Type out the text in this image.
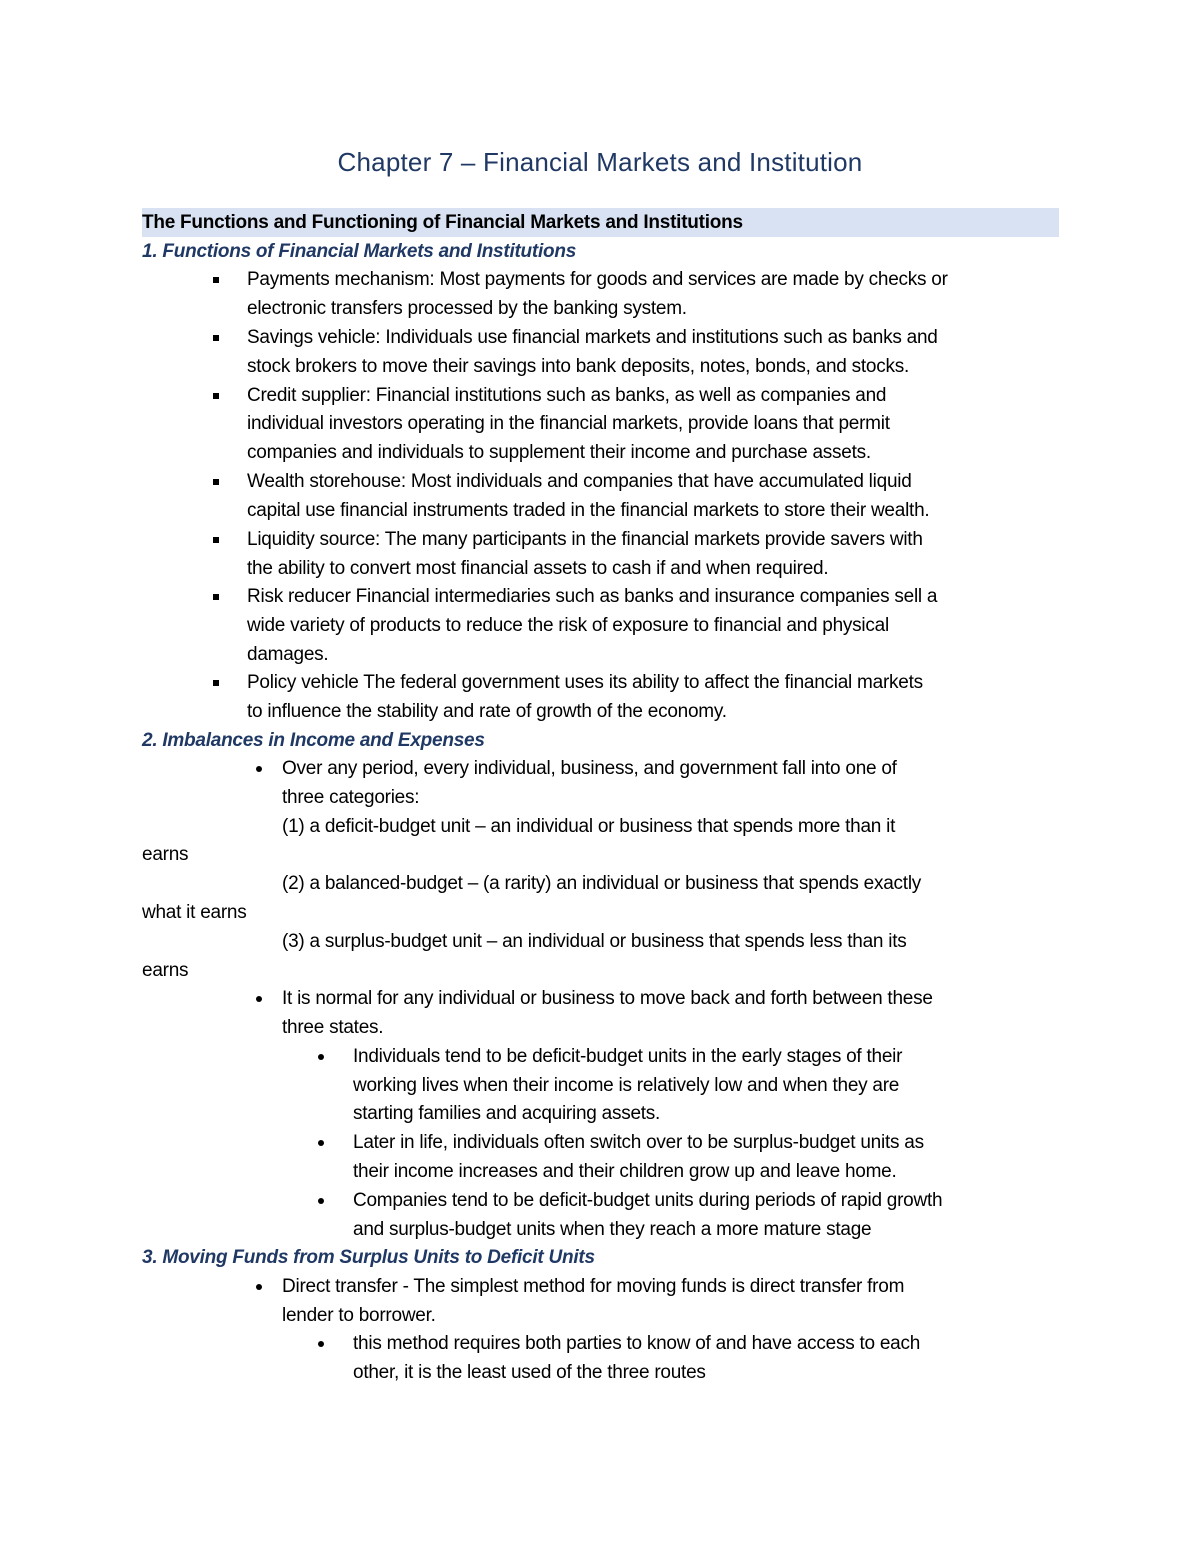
Chapter 7 – Financial Markets and Institution
The Functions and Functioning of Financial Markets and Institutions
1. Functions of Financial Markets and Institutions
Payments mechanism: Most payments for goods and services are made by checks or
electronic transfers processed by the banking system.
Savings vehicle: Individuals use financial markets and institutions such as banks and
stock brokers to move their savings into bank deposits, notes, bonds, and stocks.
Credit supplier: Financial institutions such as banks, as well as companies and
individual investors operating in the financial markets, provide loans that permit
companies and individuals to supplement their income and purchase assets.
Wealth storehouse: Most individuals and companies that have accumulated liquid
capital use financial instruments traded in the financial markets to store their wealth.
Liquidity source: The many participants in the financial markets provide savers with
the ability to convert most financial assets to cash if and when required.
Risk reducer Financial intermediaries such as banks and insurance companies sell a
wide variety of products to reduce the risk of exposure to financial and physical
damages.
Policy vehicle The federal government uses its ability to affect the financial markets
to influence the stability and rate of growth of the economy.
2. Imbalances in Income and Expenses
Over any period, every individual, business, and government fall into one of
three categories:
(1) a deficit-budget unit – an individual or business that spends more than it
earns
(2) a balanced-budget – (a rarity) an individual or business that spends exactly
what it earns
(3) a surplus-budget unit – an individual or business that spends less than its
earns
It is normal for any individual or business to move back and forth between these
three states.
Individuals tend to be deficit-budget units in the early stages of their
working lives when their income is relatively low and when they are
starting families and acquiring assets.
Later in life, individuals often switch over to be surplus-budget units as
their income increases and their children grow up and leave home.
Companies tend to be deficit-budget units during periods of rapid growth
and surplus-budget units when they reach a more mature stage
3. Moving Funds from Surplus Units to Deficit Units
Direct transfer - The simplest method for moving funds is direct transfer from
lender to borrower.
this method requires both parties to know of and have access to each
other, it is the least used of the three routes
